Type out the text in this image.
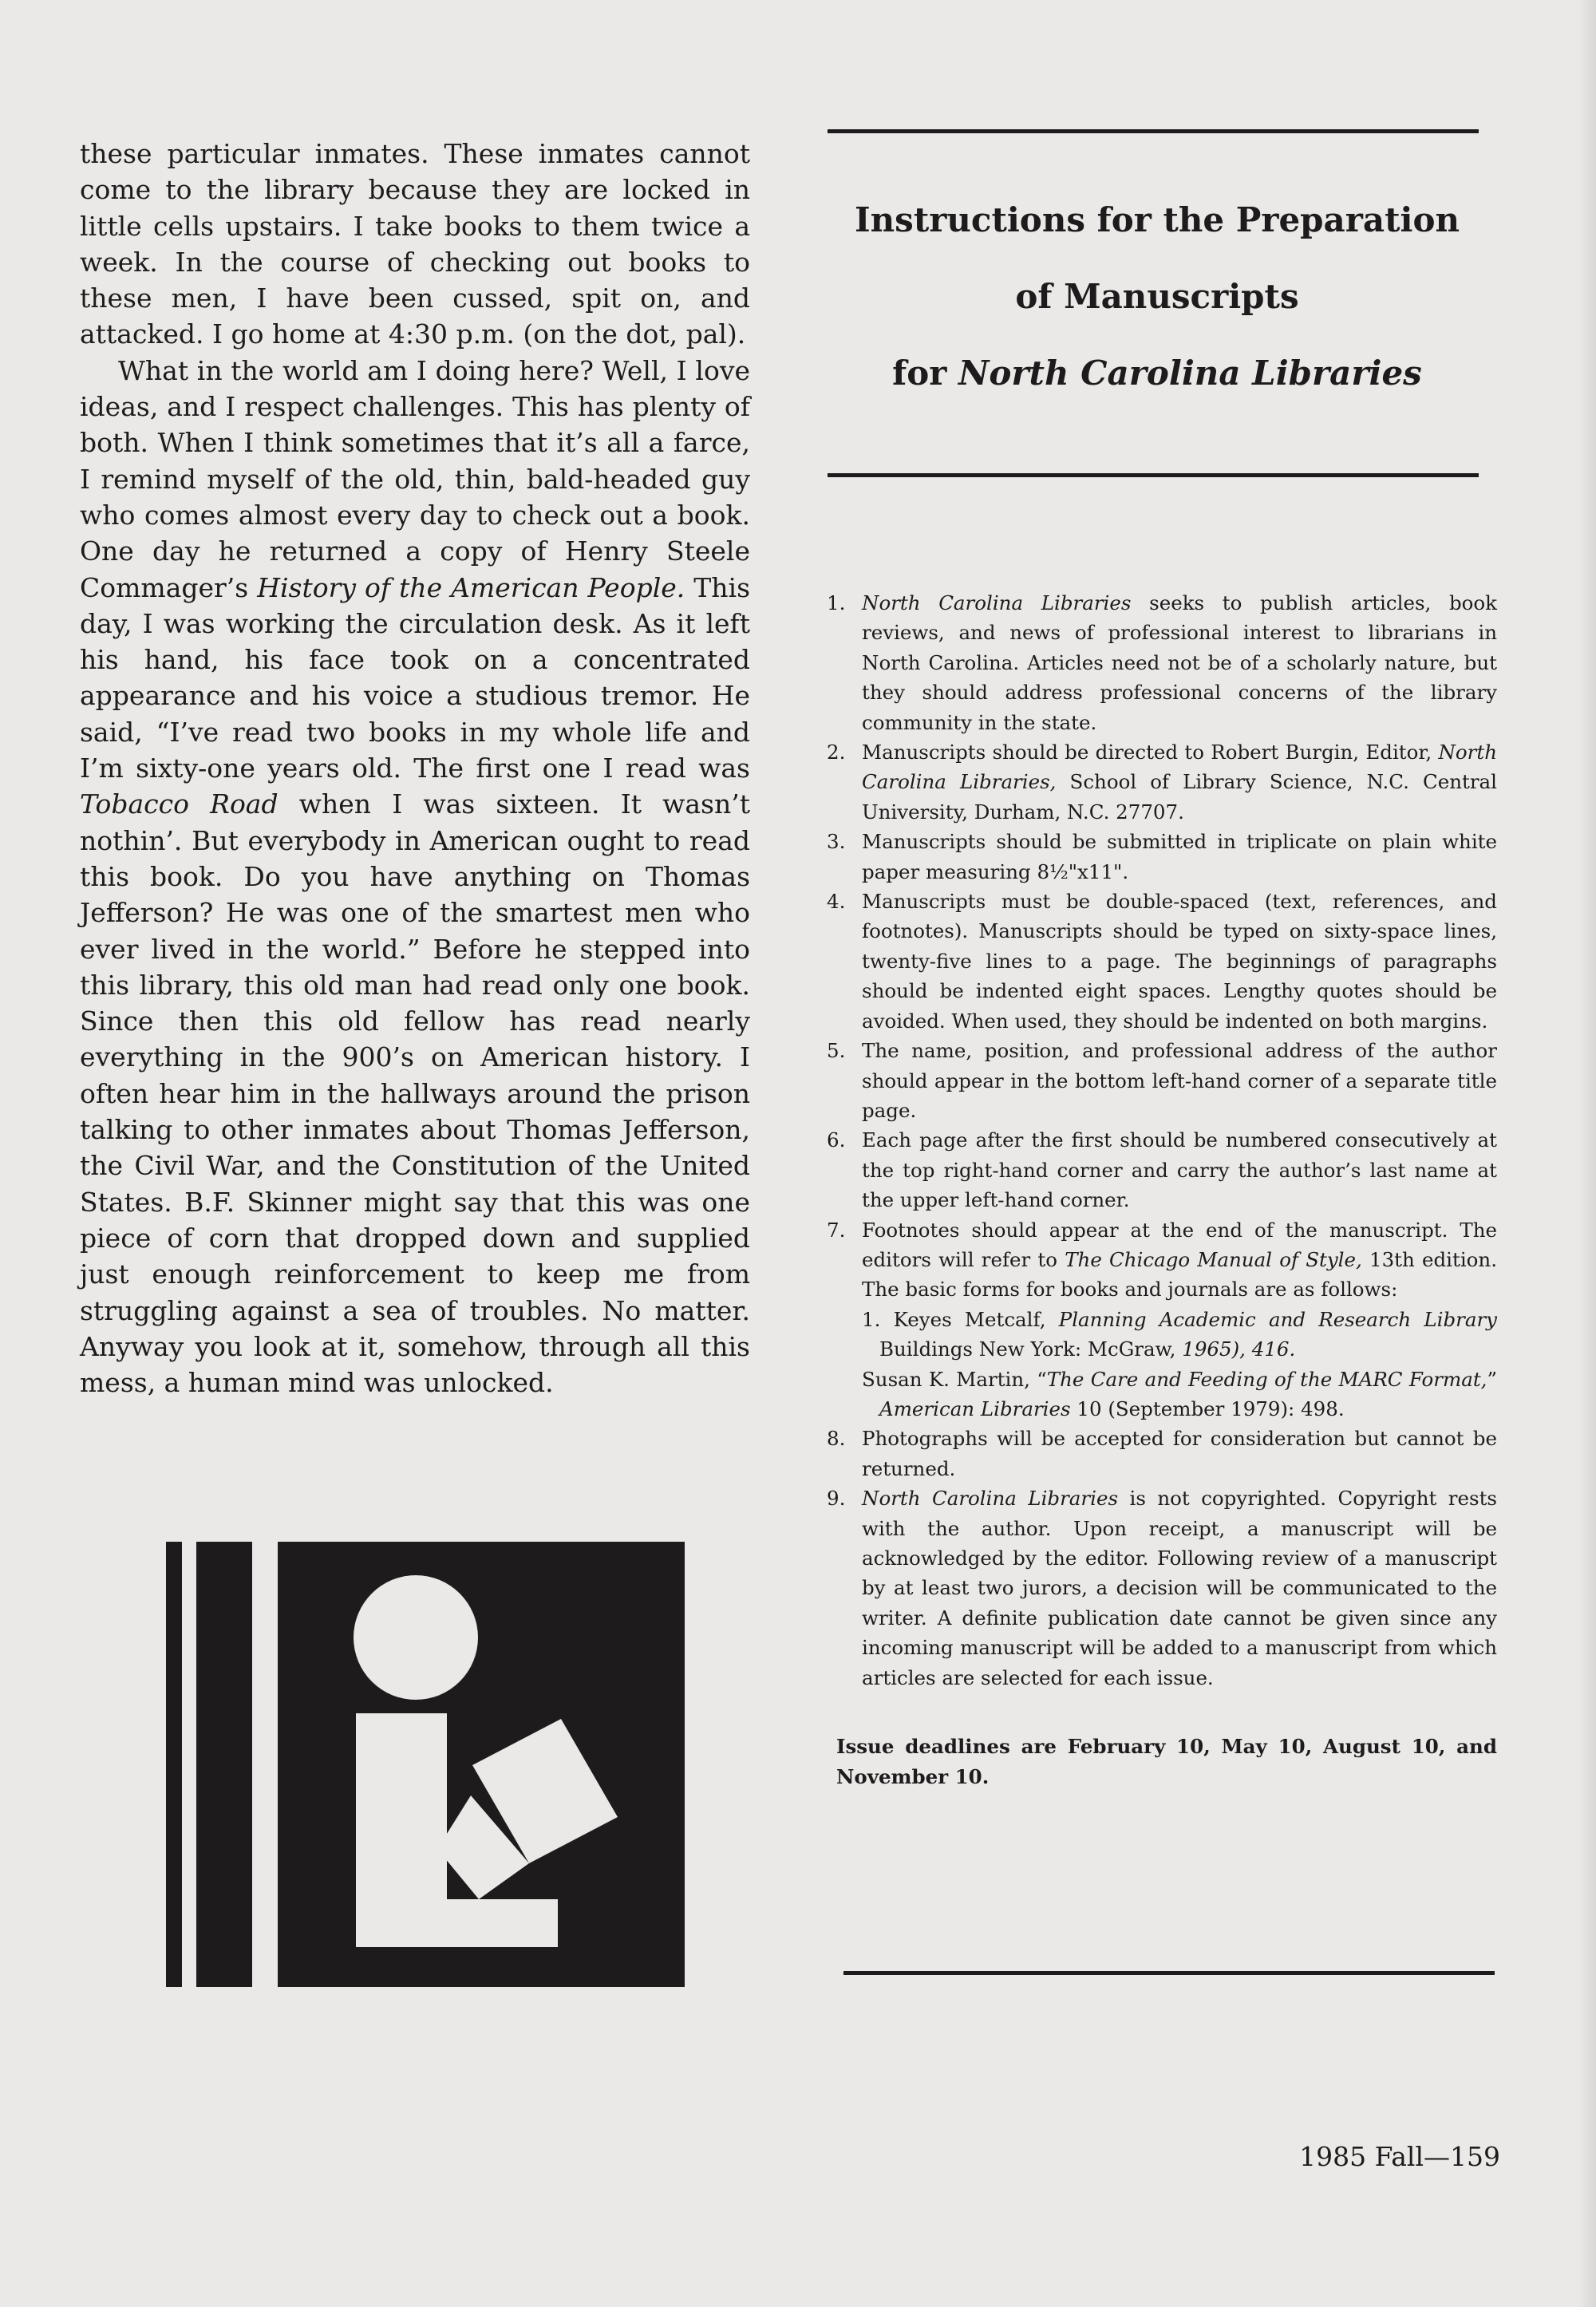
these particular inmates. These inmates cannot come to the library because they are locked in little cells upstairs. I take books to them twice a week. In the course of checking out books to these men, I have been cussed, spit on, and attacked. I go home at 4:30 p.m. (on the dot, pal).

What in the world am I doing here? Well, I love ideas, and I respect challenges. This has plenty of both. When I think sometimes that it’s all a farce, I remind myself of the old, thin, bald-headed guy who comes almost every day to check out a book. One day he returned a copy of Henry Steele Commager’s History of the American People. This day, I was working the circulation desk. As it left his hand, his face took on a concentrated appearance and his voice a studious tremor. He said, “I’ve read two books in my whole life and I’m sixty-one years old. The first one I read was Tobacco Road when I was sixteen. It wasn’t nothin’. But everybody in American ought to read this book. Do you have anything on Thomas Jefferson? He was one of the smartest men who ever lived in the world.” Before he stepped into this library, this old man had read only one book. Since then this old fellow has read nearly everything in the 900’s on American history. I often hear him in the hallways around the prison talking to other inmates about Thomas Jefferson, the Civil War, and the Constitution of the United States. B.F. Skinner might say that this was one piece of corn that dropped down and supplied just enough reinforcement to keep me from struggling against a sea of troubles. No matter. Anyway you look at it, somehow, through all this mess, a human mind was unlocked.

Instructions for the Preparation
of Manuscripts
for North Carolina Libraries
1. North Carolina Libraries seeks to publish articles, book reviews, and news of professional interest to librarians in North Carolina. Articles need not be of a scholarly nature, but they should address professional concerns of the library community in the state.
2. Manuscripts should be directed to Robert Burgin, Editor, North Carolina Libraries, School of Library Science, N.C. Central University, Durham, N.C. 27707.
3. Manuscripts should be submitted in triplicate on plain white paper measuring 8½"x11".
4. Manuscripts must be double-spaced (text, references, and footnotes). Manuscripts should be typed on sixty-space lines, twenty-five lines to a page. The beginnings of paragraphs should be indented eight spaces. Lengthy quotes should be avoided. When used, they should be indented on both margins.
5. The name, position, and professional address of the author should appear in the bottom left-hand corner of a separate title page.
6. Each page after the first should be numbered consecutively at the top right-hand corner and carry the author’s last name at the upper left-hand corner.
7. Footnotes should appear at the end of the manuscript. The editors will refer to The Chicago Manual of Style, 13th edition. The basic forms for books and journals are as follows:
1. Keyes Metcalf, Planning Academic and Research Library Buildings New York: McGraw, 1965), 416.
Susan K. Martin, “The Care and Feeding of the MARC Format,” American Libraries 10 (September 1979): 498.
8. Photographs will be accepted for consideration but cannot be returned.
9. North Carolina Libraries is not copyrighted. Copyright rests with the author. Upon receipt, a manuscript will be acknowledged by the editor. Following review of a manuscript by at least two jurors, a decision will be communicated to the writer. A definite publication date cannot be given since any incoming manuscript will be added to a manuscript from which articles are selected for each issue.
Issue deadlines are February 10, May 10, August 10, and November 10.
1985 Fall—159
